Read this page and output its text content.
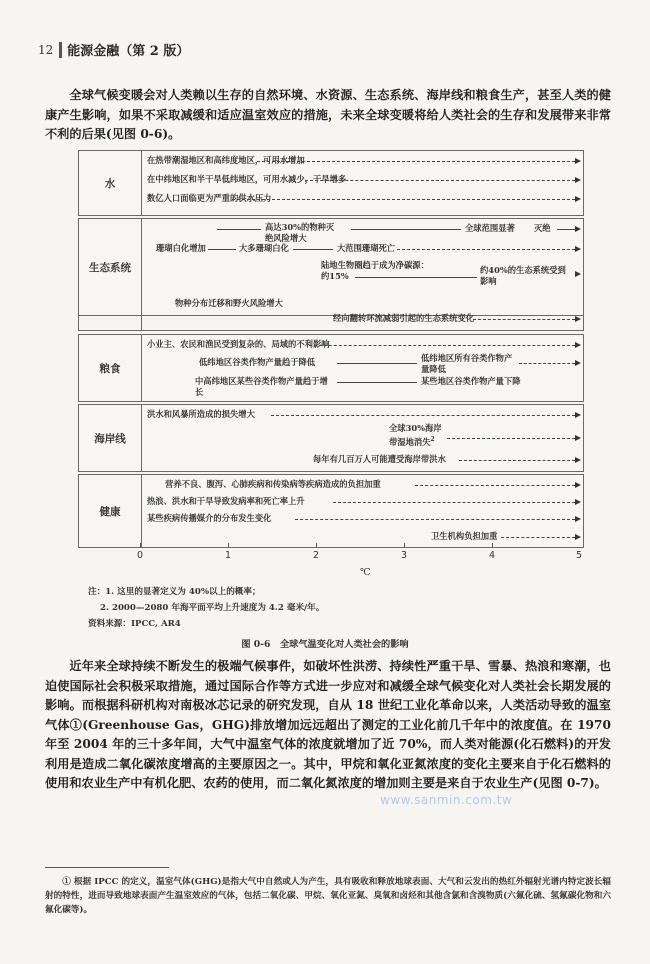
12 能源金融（第 2 版）
全球气候变暖会对人类赖以生存的自然环境、水资源、生态系统、海岸线和粮食生产，甚至人类的健康产生影响，如果不采取减缓和适应温室效应的措施，未来全球变暖将给人类社会的生存和发展带来非常不利的后果(见图 0-6)。
水
在热带潮湿地区和高纬度地区，可用水增加
在中纬地区和半干旱低纬地区，可用水减少，干旱增多
数亿人口面临更为严重的供水压力
生态系统
高达30%的物种灭绝风险增大
全球范围显著 灭绝
珊瑚白化增加	大多珊瑚白化	大范围珊瑚死亡
陆地生物圈趋于成为净碳源：
约15%
约40%的生态系统受到影响
物种分布迁移和野火风险增大
经向翻转环流减弱引起的生态系统变化
粮食
小业主、农民和渔民受到复杂的、局域的不利影响
低纬地区谷类作物产量趋于降低	低纬地区所有谷类作物产量降低
中高纬地区某些谷类作物产量趋于增长
某些地区谷类作物产量下降
海岸线
洪水和风暴所造成的损失增大
全球30%海岸带湿地消失$^2$
每年有几百万人可能遭受海岸带洪水
健康
营养不良、腹泻、心肺疾病和传染病等疾病造成的负担加重
热浪、洪水和干旱导致发病率和死亡率上升
某些疾病传播媒介的分布发生变化
卫生机构负担加重
0	1	2	3	4	5
℃
注：1. 这里的显著定义为 40%以上的概率；
2. 2000—2080 年海平面平均上升速度为 4.2 毫米/年。
资料来源：IPCC, AR4
图 0-6 全球气温变化对人类社会的影响
近年来全球持续不断发生的极端气候事件，如破坏性洪涝、持续性严重干旱、雪暴、热浪和寒潮，也迫使国际社会积极采取措施，通过国际合作等方式进一步应对和减缓全球气候变化对人类社会长期发展的影响。而根据科研机构对南极冰芯记录的研究发现，自从 18 世纪工业化革命以来，人类活动导致的温室气体①(Greenhouse Gas，GHG)排放增加远远超出了测定的工业化前几千年中的浓度值。在 1970 年至 2004 年的三十多年间，大气中温室气体的浓度就增加了近 70%，而人类对能源(化石燃料)的开发利用是造成二氧化碳浓度增高的主要原因之一。其中，甲烷和氧化亚氮浓度的变化主要来自于化石燃料的使用和农业生产中有机化肥、农药的使用，而二氧化氮浓度的增加则主要是来自于农业生产(见图 0-7)。
www.sanmin.com.tw
① 根据 IPCC 的定义，温室气体(GHG)是指大气中自然或人为产生，具有吸收和释放地球表面、大气和云发出的热红外辐射光谱内特定波长辐射的特性，进而导致地球表面产生温室效应的气体，包括二氧化碳、甲烷、氧化亚氮、臭氧和卤烃和其他含氯和含溴物质(六氟化硫、氢氟碳化物和六氟化碳等)。
